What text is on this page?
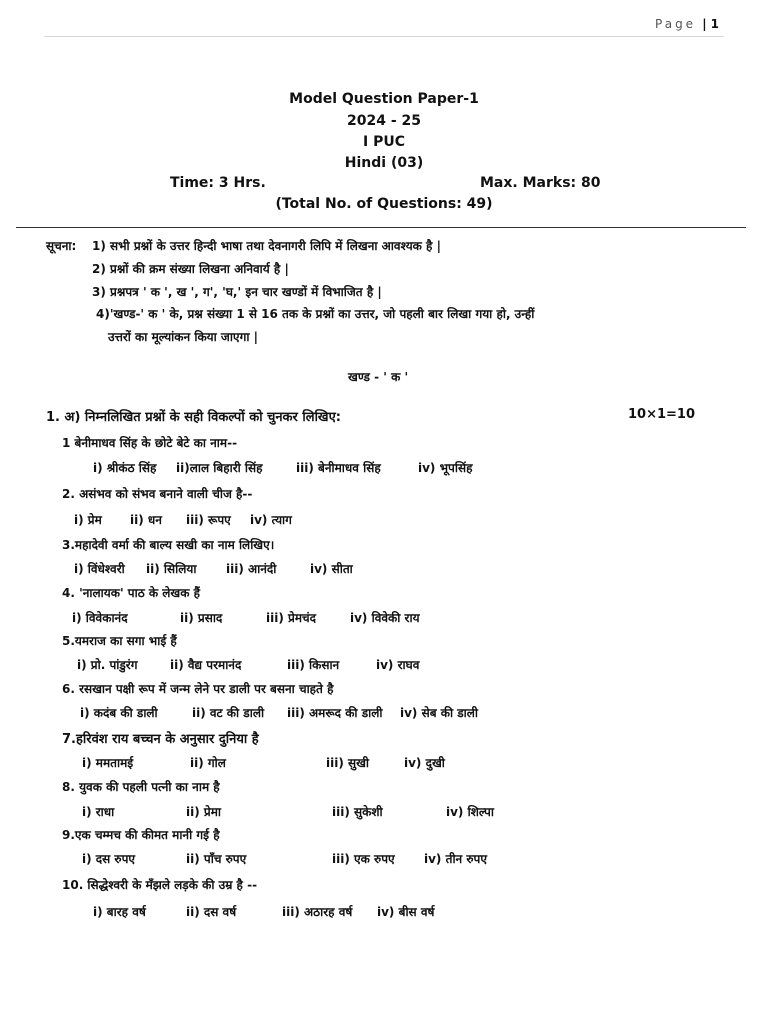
Page | 1
Model Question Paper-1
2024 - 25
I PUC
Hindi (03)
Time: 3 Hrs.	Max. Marks: 80
(Total No. of Questions: 49)
सूचना: 1) सभी प्रश्नों के उत्तर हिन्दी भाषा तथा देवनागरी लिपि में लिखना आवश्यक है |
2) प्रश्नों की क्रम संख्या लिखना अनिवार्य है |
3) प्रश्नपत्र ' क ', ख ', ग', 'घ,' इन चार खण्डों में विभाजित है |
4)'खण्ड-' क ' के, प्रश्न संख्या 1 से 16 तक के प्रश्नों का उत्तर, जो पहली बार लिखा गया हो, उन्हीं
उत्तरों का मूल्यांकन किया जाएगा |
खण्ड - ' क '
1. अ) निम्नलिखित प्रश्नों के सही विकल्पों को चुनकर लिखिए:	10×1=10
1 बेनीमाधव सिंह के छोटे बेटे का नाम--
i) श्रीकंठ सिंह ii)लाल बिहारी सिंह	iii) बेनीमाधव सिंह	iv) भूपसिंह
2. असंभव को संभव बनाने वाली चीज है--
i) प्रेम ii) धन iii) रूपए iv) त्याग
3.महादेवी वर्मा की बाल्य सखी का नाम लिखिए।
i) विंधेश्वरी ii) सिलिया iii) आनंदी	iv) सीता
4. 'नालायक' पाठ के लेखक हैं
i) विवेकानंद	ii) प्रसाद	iii) प्रेमचंद	iv) विवेकी राय
5.यमराज का सगा भाई हैं
i) प्रो. पांडुरंग	ii) वैद्य परमानंद	iii) किसान	iv) राघव
6. रसखान पक्षी रूप में जन्म लेने पर डाली पर बसना चाहते है
i) कदंब की डाली	ii) वट की डाली iii) अमरूद की डाली iv) सेब की डाली
7.हरिवंश राय बच्चन के अनुसार दुनिया है
i) ममतामई	ii) गोल	iii) सुखी	iv) दुखी
8. युवक की पहली पत्नी का नाम है
i) राधा	ii) प्रेमा	iii) सुकेशी	iv) शिल्पा
9.एक चम्मच की कीमत मानी गई है
i) दस रुपए	ii) पाँच रुपए	iii) एक रुपए iv) तीन रुपए
10. सिद्धेश्वरी के मँझले लड़के की उम्र है --
i) बारह वर्ष	ii) दस वर्ष	iii) अठारह वर्ष iv) बीस वर्ष
